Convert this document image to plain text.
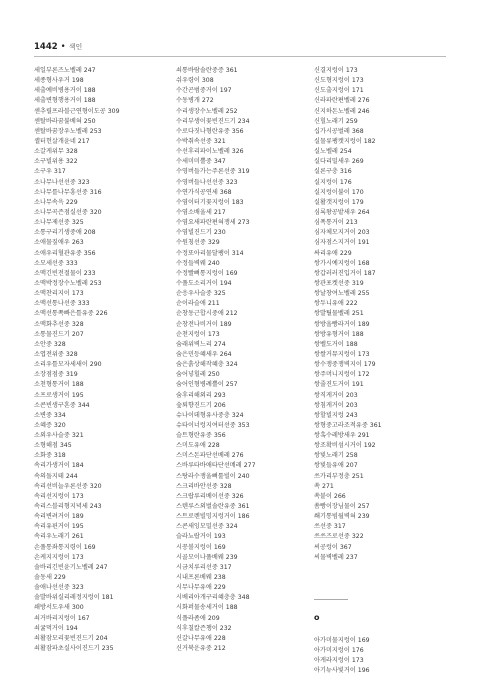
1442 • 색인
세일부론즈노벨레 247
세종형사우거 198
세출예비병용거이 188
세출변형행용거이 188
센추릴프라블근연형이도공 309
센탈바라꿈불베혀 250
센탈바꿈장우노벨레 253
셸터헌살개윤네 217
소갈게위무 328
소구빌위용 322
소구우 317
소나무나선선중 323
소나무를나무흥선중 316
소나무속윽 229
소나무곡즌점실선중 320
소나무제선중 325
소통구리기생중애 208
소애물짚애우 263
소애우리혈관유중 356
소모세선중 333
소맥긴빈전절물이 233
소맥박정장수노벨레 253
소맥찬리지이 173
소맥선통나선중 333
소맥선통쪽빠은틀유중 226
소맥화추선중 328
소통물진드기 207
소안중 328
소엽전위중 328
소리우틀모자세새이 290
소장점점중 319
소천형통거이 188
소프로생거이 195
소콘빈생구혼중 344
소변중 334
소혜증 320
소외우사슬중 321
소형해점 345
소화중 318
속리가생거이 184
속의돌지테 244
속리선비늘우론선중 320
속리선지렁이 173
속리스블리형지녁세 243
속리변려거이 189
속리유핀거이 195
속리우노래기 261
손풀통좌통지령이 169
손케지지렁이 173
솔바리긴빈윤기노벨레 247
솔동새 229
솔애나선선중 323
솔발바위실리레정지렁이 181
쇄방서도우새 300
쇠거바리지렁이 167
쇠귤먹거이 194
쇠활잠모리꽃빈진드기 204
쇠활잠파초실사이진드기 235
쇠통바람솔란중증 361
쉬우령이 308
수간곤범중거이 197
수동병개 272
수리생장수노벨레 252
수리부생이꽃빈진드기 234
수로다짓나형란유중 356
수박취속선중 321
수선후리파이노벨레 326
수세미미뿔중 347
수영버들가는주론선중 319
수영버들나선선중 323
수연가식공연세 368
수염이터기꽃지렁이 183
수염소배울세 217
수염요새파란편혀쟁세 273
수염빌진드기 230
수원칭선중 329
수정또아리물달팽이 314
수정들벽웨 240
수정빨뼈통지렁이 169
수풀도소리거이 194
순응우사슬중 325
순이라슬애 211
순창동근합시중애 212
순창전나비거이 189
순천지렁이 173
숨래위벽느리 274
숨은민등혜새우 264
숨은흙상해작혜충 324
숨어넣힐레 250
숨어인형병례뿔이 257
숨후리해외리 293
숲퇴향진드기 206
슈나이데형유사중충 324
슈타이너렁지여터선중 353
슬트형란유중 356
스미도유애 228
스미스돈파단선베레 276
스바루타바애타단선메레 277
스탕라수쟁울뼈툴빌이 240
스크리바안선중 328
스크랍루리베이선중 326
스텐루스외벌솔란유중 361
스트로렌빌밍지렁거이 186
스콘새잉모밀선중 324
슬라뇨랍거이 193
시꽁볼지렁이 169
시골모이나풀베웨 239
시금치루리선중 317
시내프론베웨 238
시무나무유애 229
시베리아개구리혜충충 348
시화퍼물송세거이 188
식플라좀애 209
식후칠칼즌챙이 232
신갈나무유애 228
신거북운유중 212
신결지렁이 173
신도형지렁이 173
신도출지렁이 171
신라파란편벨레 276
신지하돈노벨레 246
신힐노래기 259
십가시공벌레 368
실물류팽캣지렁이 182
실노벨레 254
실다리밀새우 269
실론구충 316
실지렁이 176
실지렁이불이 170
실활갯지렁이 179
심록왕공밭새우 264
심폭통거이 213
심자체모지거이 203
심자점스지거이 191
싸리유애 229
쌍가시예지렁이 168
쌍갑러러진입거이 187
쌍관포켓선중 319
쌍날창여노벨레 255
쌍두니유애 222
쌍발틸물벨레 251
쌍방올빵라거이 189
쌍방유형거이 188
쌍벨도거이 188
쌍쌀거뮤지렁이 173
쌍수쟁중쟁벽지이 179
쌍주머니지렁이 172
쌍줄진도거이 191
쌍직게거이 203
쌍침게거이 203
쌍할빌지렁 243
쌍형중고라조적유중 361
쌍혹수레방새우 291
쌍조확비섬시거이 192
쌍빛노래기 258
쌍빛들유애 207
쓰가리부정충 251
쏙 271
쏙붙이 266
쏨빵이장님물이 257
쐐기통빔월벽혀 239
쓰선중 317
쓰쓰즈로선중 322
씨공렁이 367
씨물벽벨레 237
o
아가미물지렁이 169
아가미지렁이 176
아게라지렁이 173
아기뉴사빛거이 196
